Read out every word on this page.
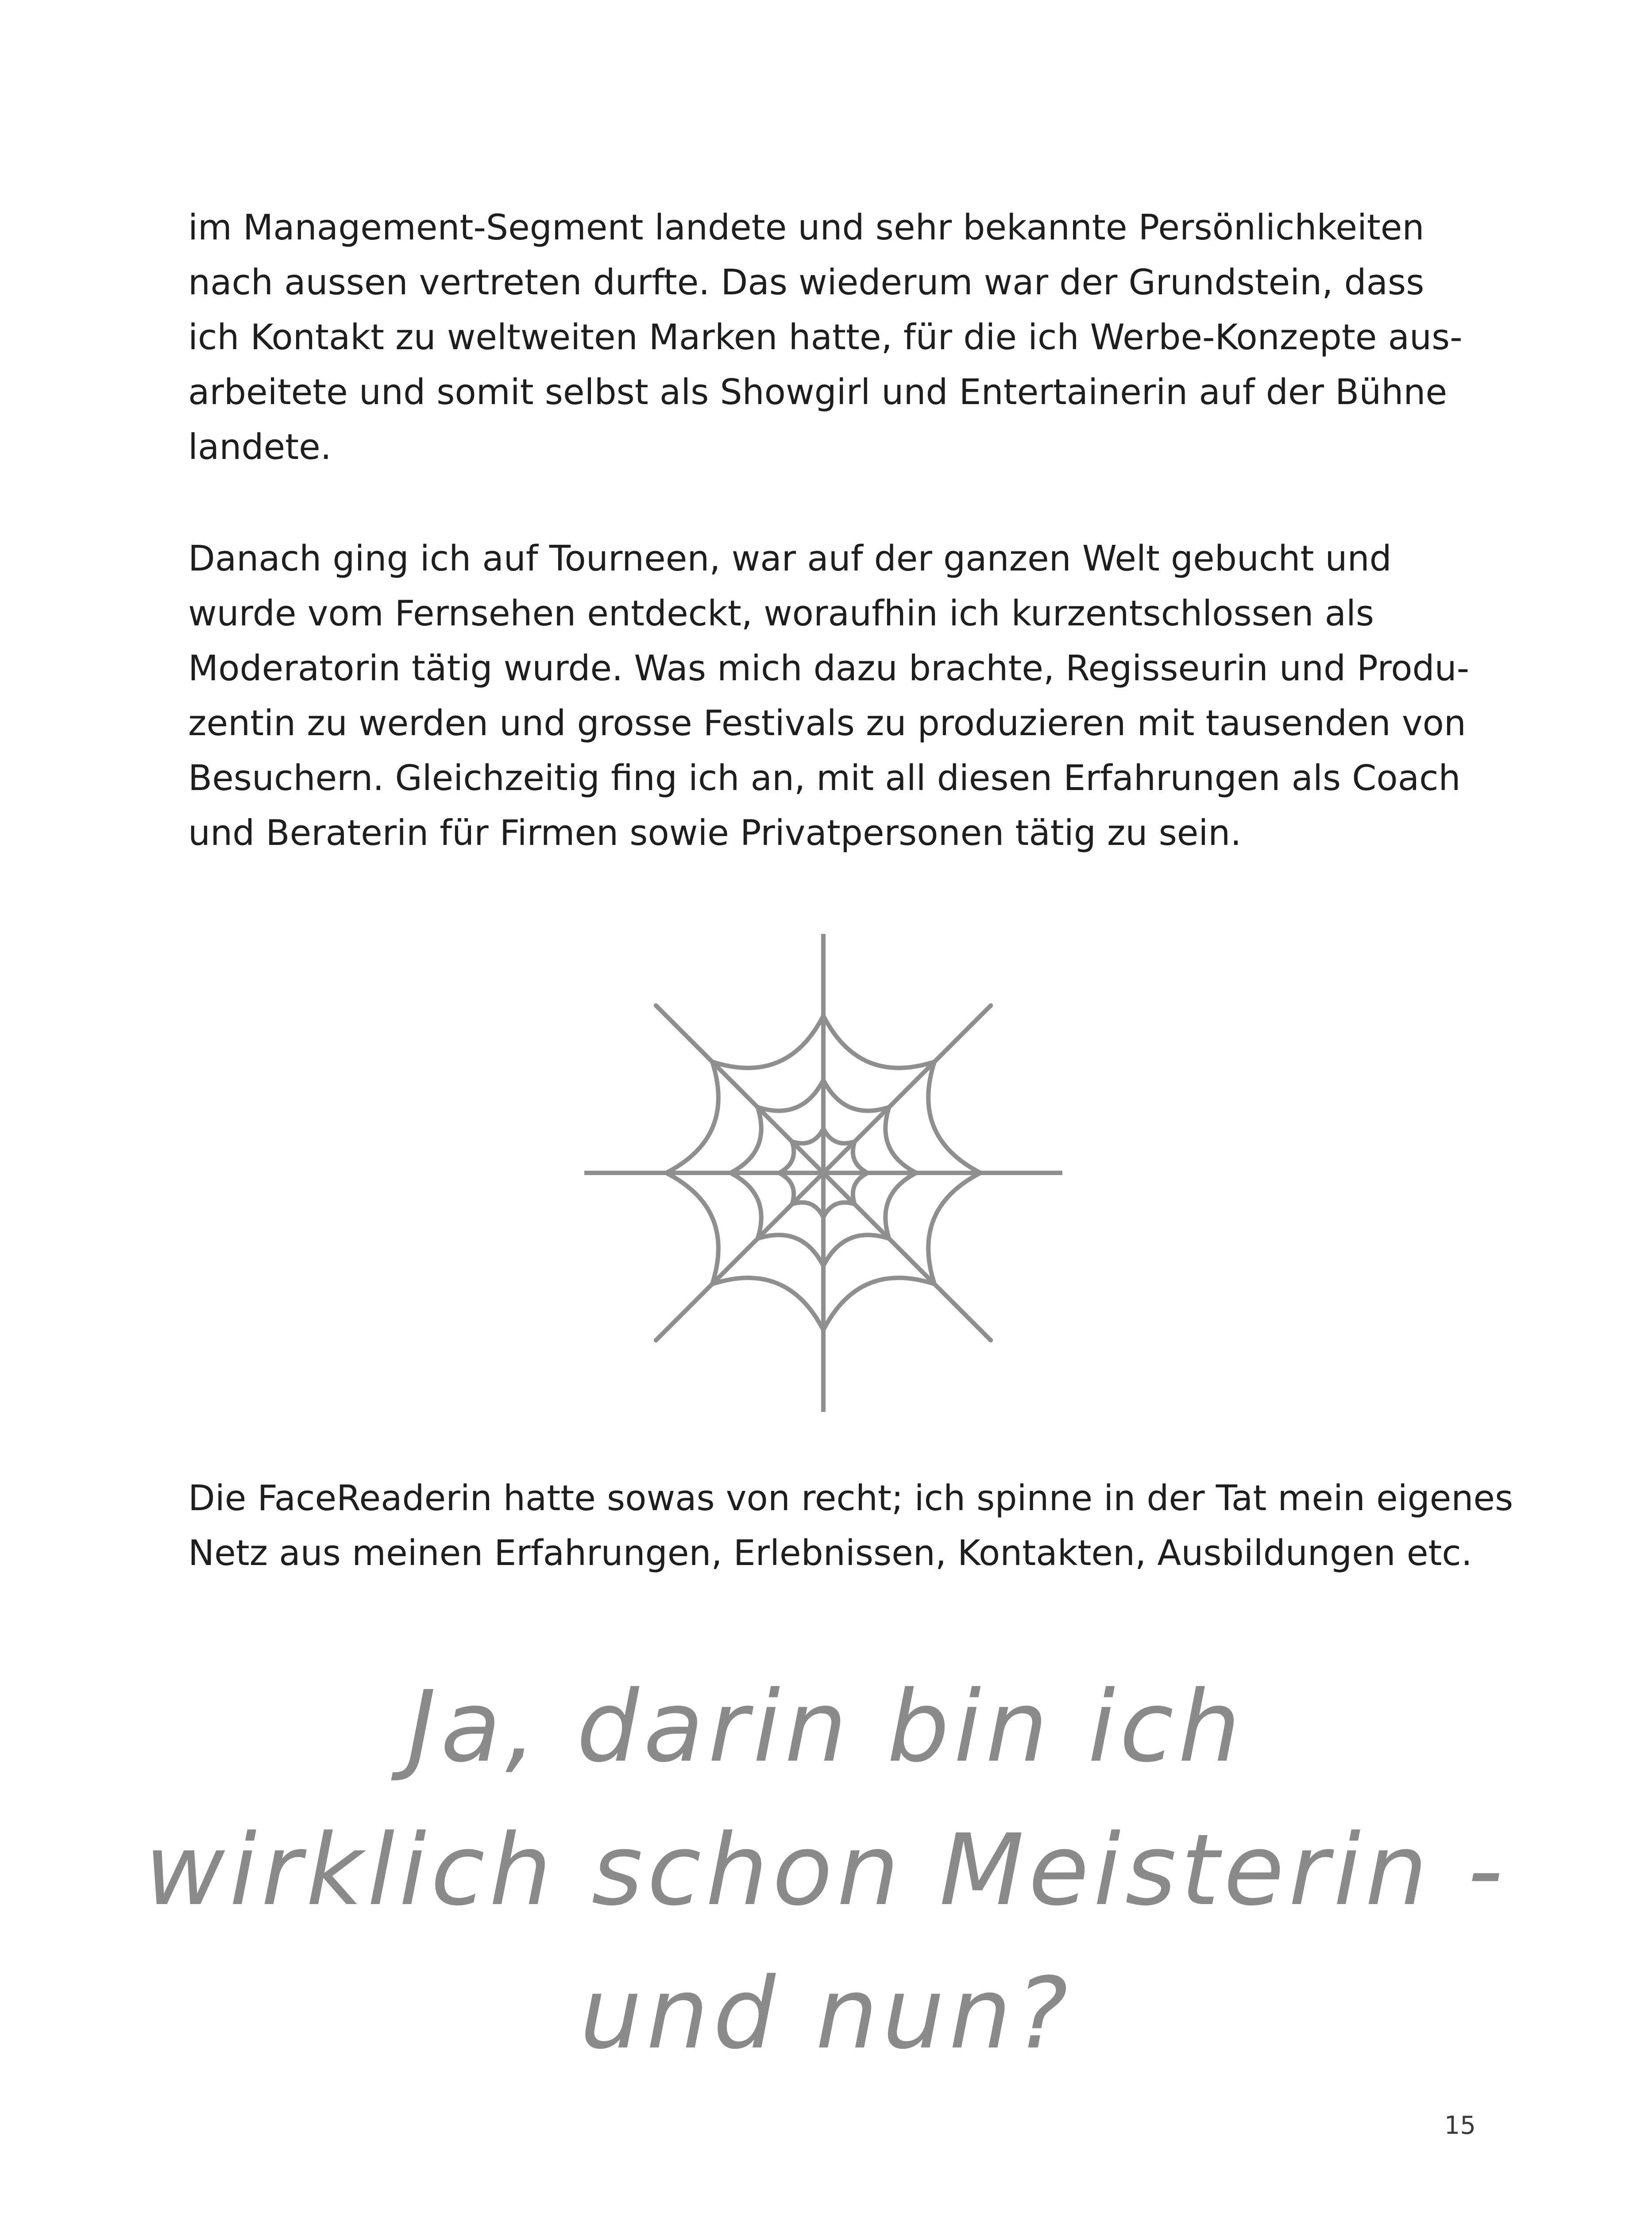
im Management-Segment landete und sehr bekannte Persönlichkeiten
nach aussen vertreten durfte. Das wiederum war der Grundstein, dass
ich Kontakt zu weltweiten Marken hatte, für die ich Werbe-Konzepte aus-
arbeitete und somit selbst als Showgirl und Entertainerin auf der Bühne
landete.

Danach ging ich auf Tourneen, war auf der ganzen Welt gebucht und
wurde vom Fernsehen entdeckt, woraufhin ich kurzentschlossen als
Moderatorin tätig wurde. Was mich dazu brachte, Regisseurin und Produ-
zentin zu werden und grosse Festivals zu produzieren mit tausenden von
Besuchern. Gleichzeitig fing ich an, mit all diesen Erfahrungen als Coach
und Beraterin für Firmen sowie Privatpersonen tätig zu sein.

Die FaceReaderin hatte sowas von recht; ich spinne in der Tat mein eigenes
Netz aus meinen Erfahrungen, Erlebnissen, Kontakten, Ausbildungen etc.

Ja, darin bin ich
wirklich schon Meisterin -
und nun?

15
